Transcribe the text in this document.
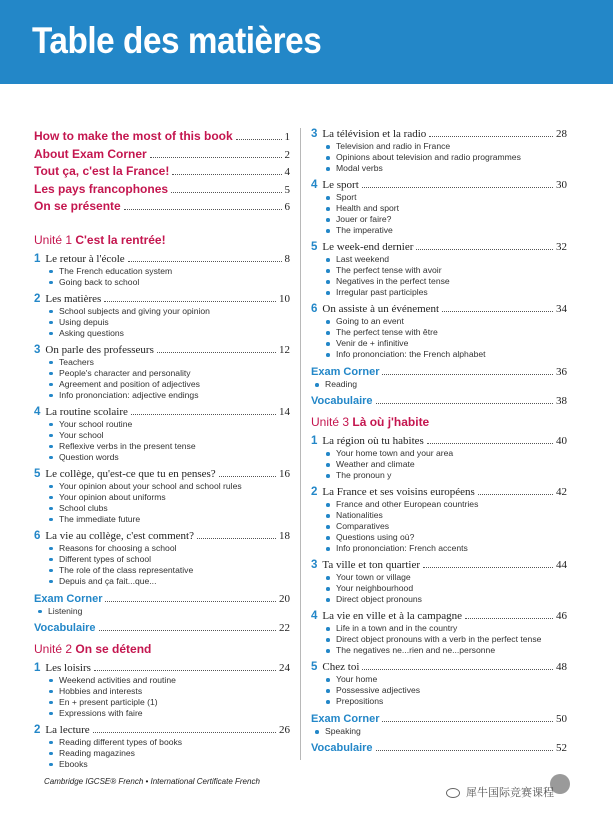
Table des matières
How to make the most of this book	1
About Exam Corner	2
Tout ça, c'est la France!	4
Les pays francophones	5
On se présente	6
Unité 1 C'est la rentrée!
1 Le retour à l'école	8
The French education system
Going back to school
2 Les matières	10
School subjects and giving your opinion
Using depuis
Asking questions
3 On parle des professeurs	12
Teachers
People's character and personality
Agreement and position of adjectives
Info prononciation: adjective endings
4 La routine scolaire	14
Your school routine
Your school
Reflexive verbs in the present tense
Question words
5 Le collège, qu'est-ce que tu en penses?	16
Your opinion about your school and school rules
Your opinion about uniforms
School clubs
The immediate future
6 La vie au collège, c'est comment?	18
Reasons for choosing a school
Different types of school
The role of the class representative
Depuis and ça fait...que...
Exam Corner	20
Listening
Vocabulaire	22
Unité 2 On se détend
1 Les loisirs	24
Weekend activities and routine
Hobbies and interests
En + present participle (1)
Expressions with faire
2 La lecture	26
Reading different types of books
Reading magazines
Ebooks
3 La télévision et la radio	28
Television and radio in France
Opinions about television and radio programmes
Modal verbs
4 Le sport	30
Sport
Health and sport
Jouer or faire?
The imperative
5 Le week-end dernier	32
Last weekend
The perfect tense with avoir
Negatives in the perfect tense
Irregular past participles
6 On assiste à un événement	34
Going to an event
The perfect tense with être
Venir de + infinitive
Info prononciation: the French alphabet
Exam Corner	36
Reading
Vocabulaire	38
Unité 3 Là où j'habite
1 La région où tu habites	40
Your home town and your area
Weather and climate
The pronoun y
2 La France et ses voisins européens	42
France and other European countries
Nationalities
Comparatives
Questions using où?
Info prononciation: French accents
3 Ta ville et ton quartier	44
Your town or village
Your neighbourhood
Direct object pronouns
4 La vie en ville et à la campagne	46
Life in a town and in the country
Direct object pronouns with a verb in the perfect tense
The negatives ne...rien and ne...personne
5 Chez toi	48
Your home
Possessive adjectives
Prepositions
Exam Corner	50
Speaking
Vocabulaire	52
Cambridge IGCSE® French • International Certificate French
犀牛国际竞赛课程
